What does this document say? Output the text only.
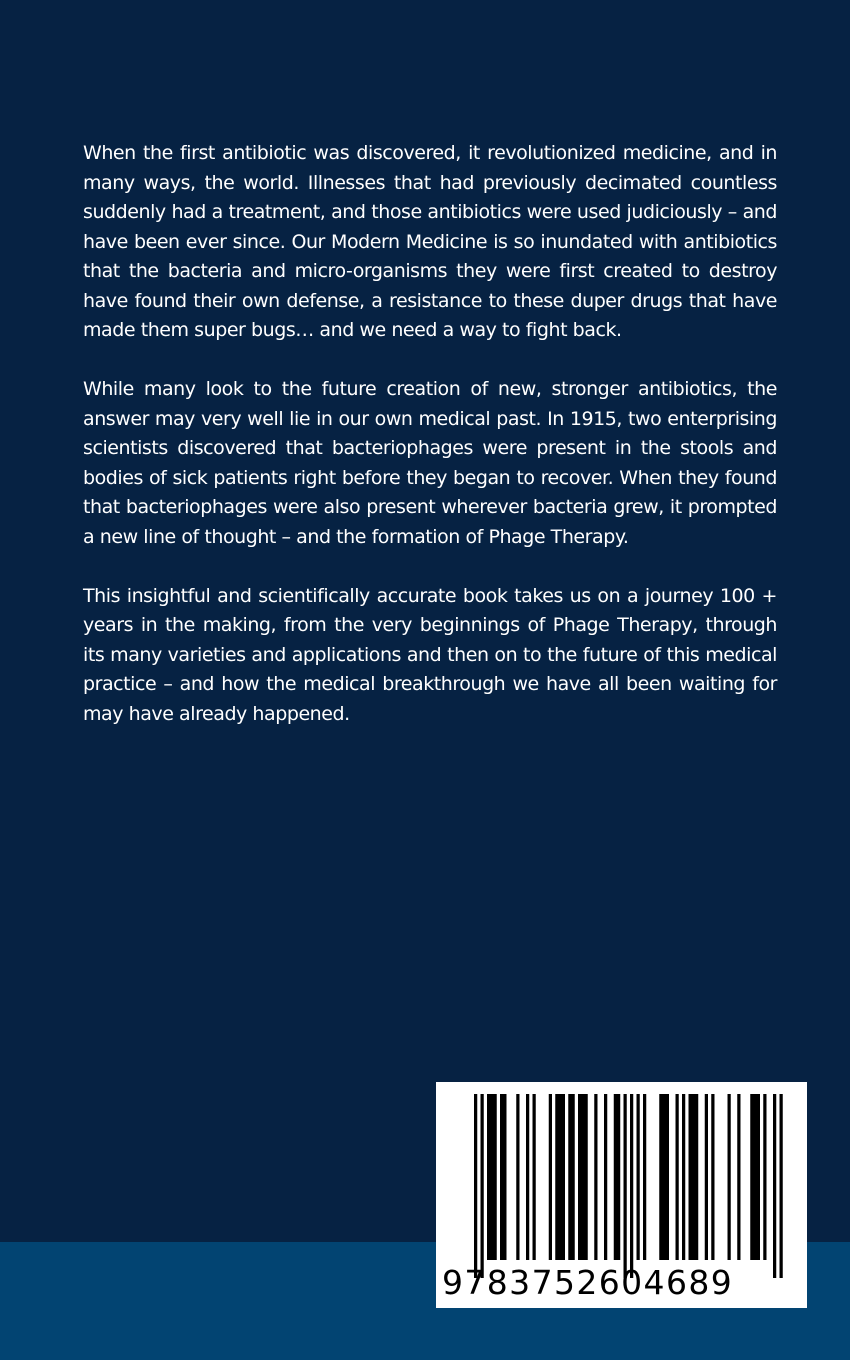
When the first antibiotic was discovered, it revolutionized medicine, and in many ways, the world. Illnesses that had previously decimated countless suddenly had a treatment, and those antibiotics were used judiciously – and have been ever since. Our Modern Medicine is so inundated with antibiotics that the bacteria and micro-organisms they were first created to destroy have found their own defense, a resistance to these duper drugs that have made them super bugs… and we need a way to fight back.

While many look to the future creation of new, stronger antibiotics, the answer may very well lie in our own medical past. In 1915, two enterprising scientists discovered that bacteriophages were present in the stools and bodies of sick patients right before they began to recover. When they found that bacteriophages were also present wherever bacteria grew, it prompted a new line of thought – and the formation of Phage Therapy.

This insightful and scientifically accurate book takes us on a journey 100 + years in the making, from the very beginnings of Phage Therapy, through its many varieties and applications and then on to the future of this medical practice – and how the medical breakthrough we have all been waiting for may have already happened.

9783752604689
